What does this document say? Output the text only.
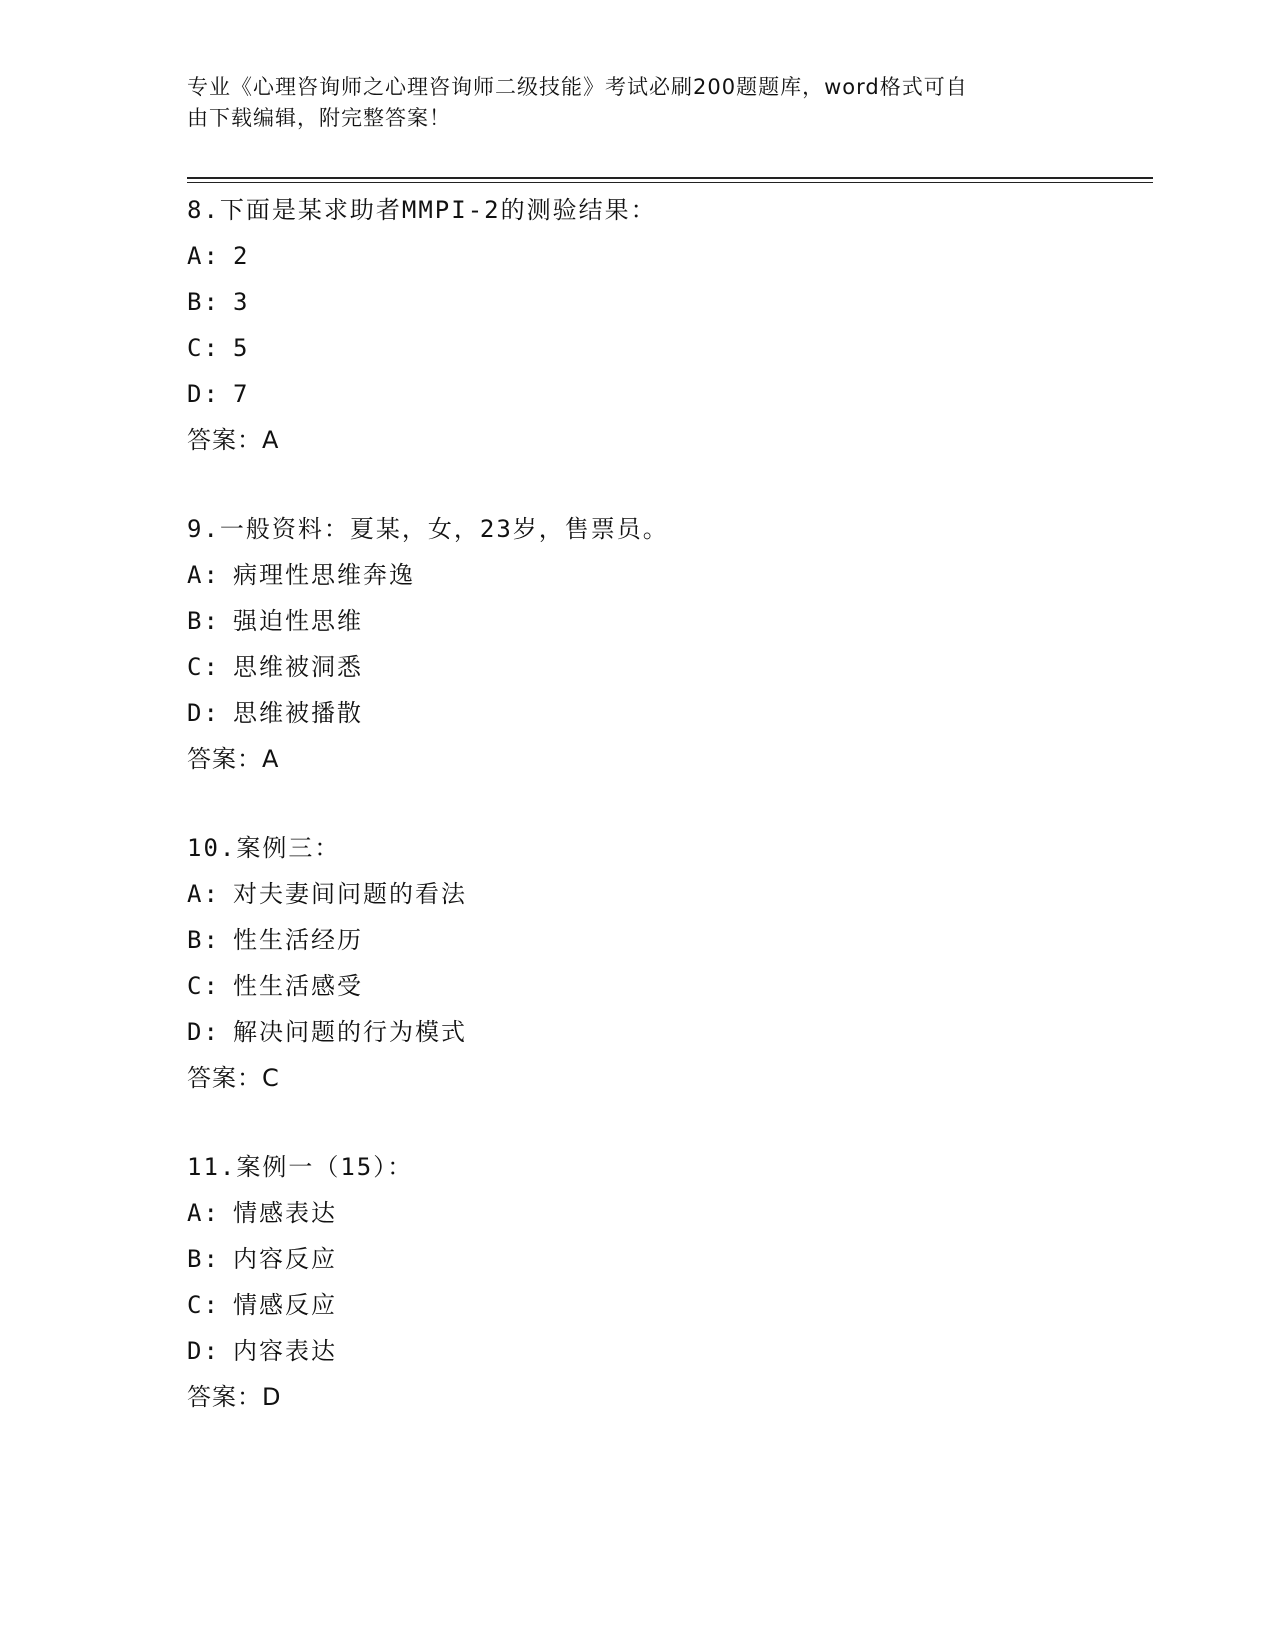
专业《心理咨询师之心理咨询师二级技能》考试必刷200题题库，word格式可自

由下载编辑，附完整答案！

8.下面是某求助者MMPI-2的测验结果：
A: 2
B: 3
C: 5
D: 7
答案：A
9.一般资料：夏某，女，23岁，售票员。
A: 病理性思维奔逸
B: 强迫性思维
C: 思维被洞悉
D: 思维被播散
答案：A
10.案例三：
A: 对夫妻间问题的看法
B: 性生活经历
C: 性生活感受
D: 解决问题的行为模式
答案：C
11.案例一（15）：
A: 情感表达
B: 内容反应
C: 情感反应
D: 内容表达
答案：D
